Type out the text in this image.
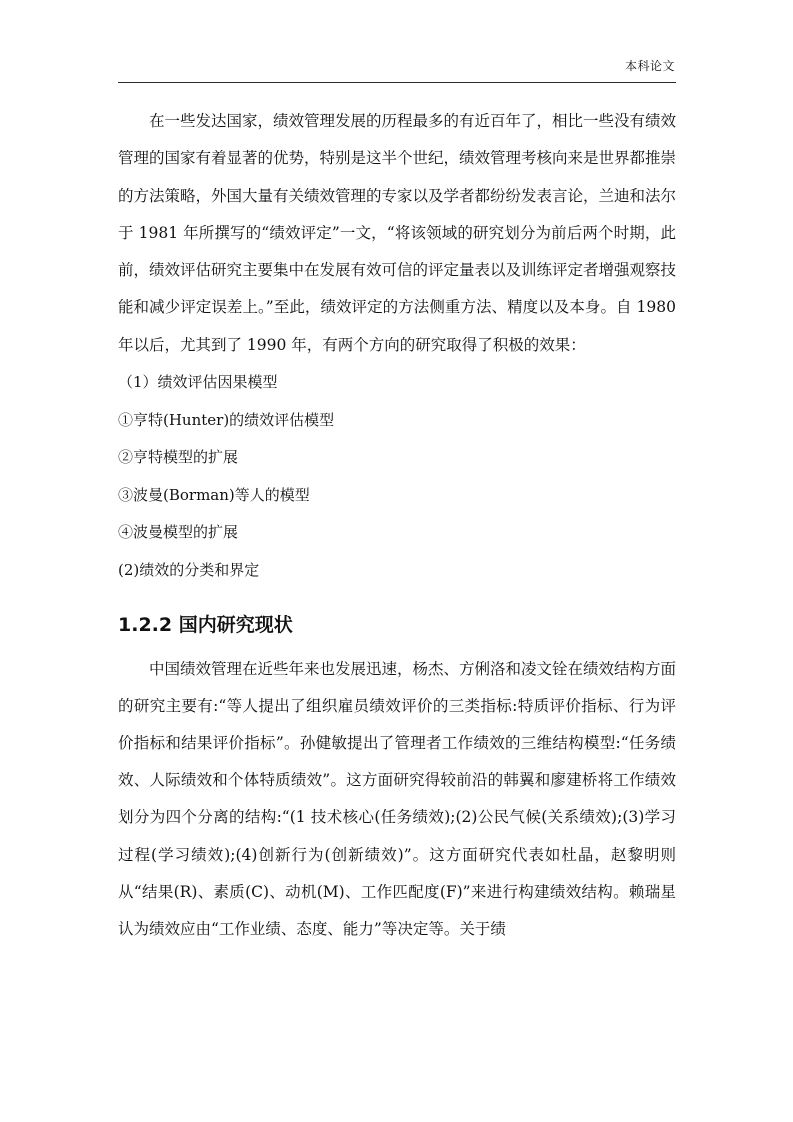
本科论文

在一些发达国家，绩效管理发展的历程最多的有近百年了，相比一些没有绩效管理的国家有着显著的优势，特别是这半个世纪，绩效管理考核向来是世界都推崇的方法策略，外国大量有关绩效管理的专家以及学者都纷纷发表言论，兰迪和法尔于 1981 年所撰写的“绩效评定”一文，“将该领域的研究划分为前后两个时期，此前，绩效评估研究主要集中在发展有效可信的评定量表以及训练评定者增强观察技能和减少评定误差上。”至此，绩效评定的方法侧重方法、精度以及本身。自 1980 年以后，尤其到了 1990 年，有两个方向的研究取得了积极的效果：

（1）绩效评估因果模型

①亨特(Hunter)的绩效评估模型

②亨特模型的扩展

③波曼(Borman)等人的模型

④波曼模型的扩展

(2)绩效的分类和界定

1.2.2 国内研究现状

中国绩效管理在近些年来也发展迅速，杨杰、方俐洛和凌文铨在绩效结构方面的研究主要有:“等人提出了组织雇员绩效评价的三类指标:特质评价指标、行为评价指标和结果评价指标”。孙健敏提出了管理者工作绩效的三维结构模型:“任务绩效、人际绩效和个体特质绩效”。这方面研究得较前沿的韩翼和廖建桥将工作绩效划分为四个分离的结构:“(1 技术核心(任务绩效);(2)公民气候(关系绩效);(3)学习过程(学习绩效);(4)创新行为(创新绩效)”。这方面研究代表如杜晶，赵黎明则从“结果(R)、素质(C)、动机(M)、工作匹配度(F)”来进行构建绩效结构。赖瑞星认为绩效应由“工作业绩、态度、能力”等决定等。关于绩
